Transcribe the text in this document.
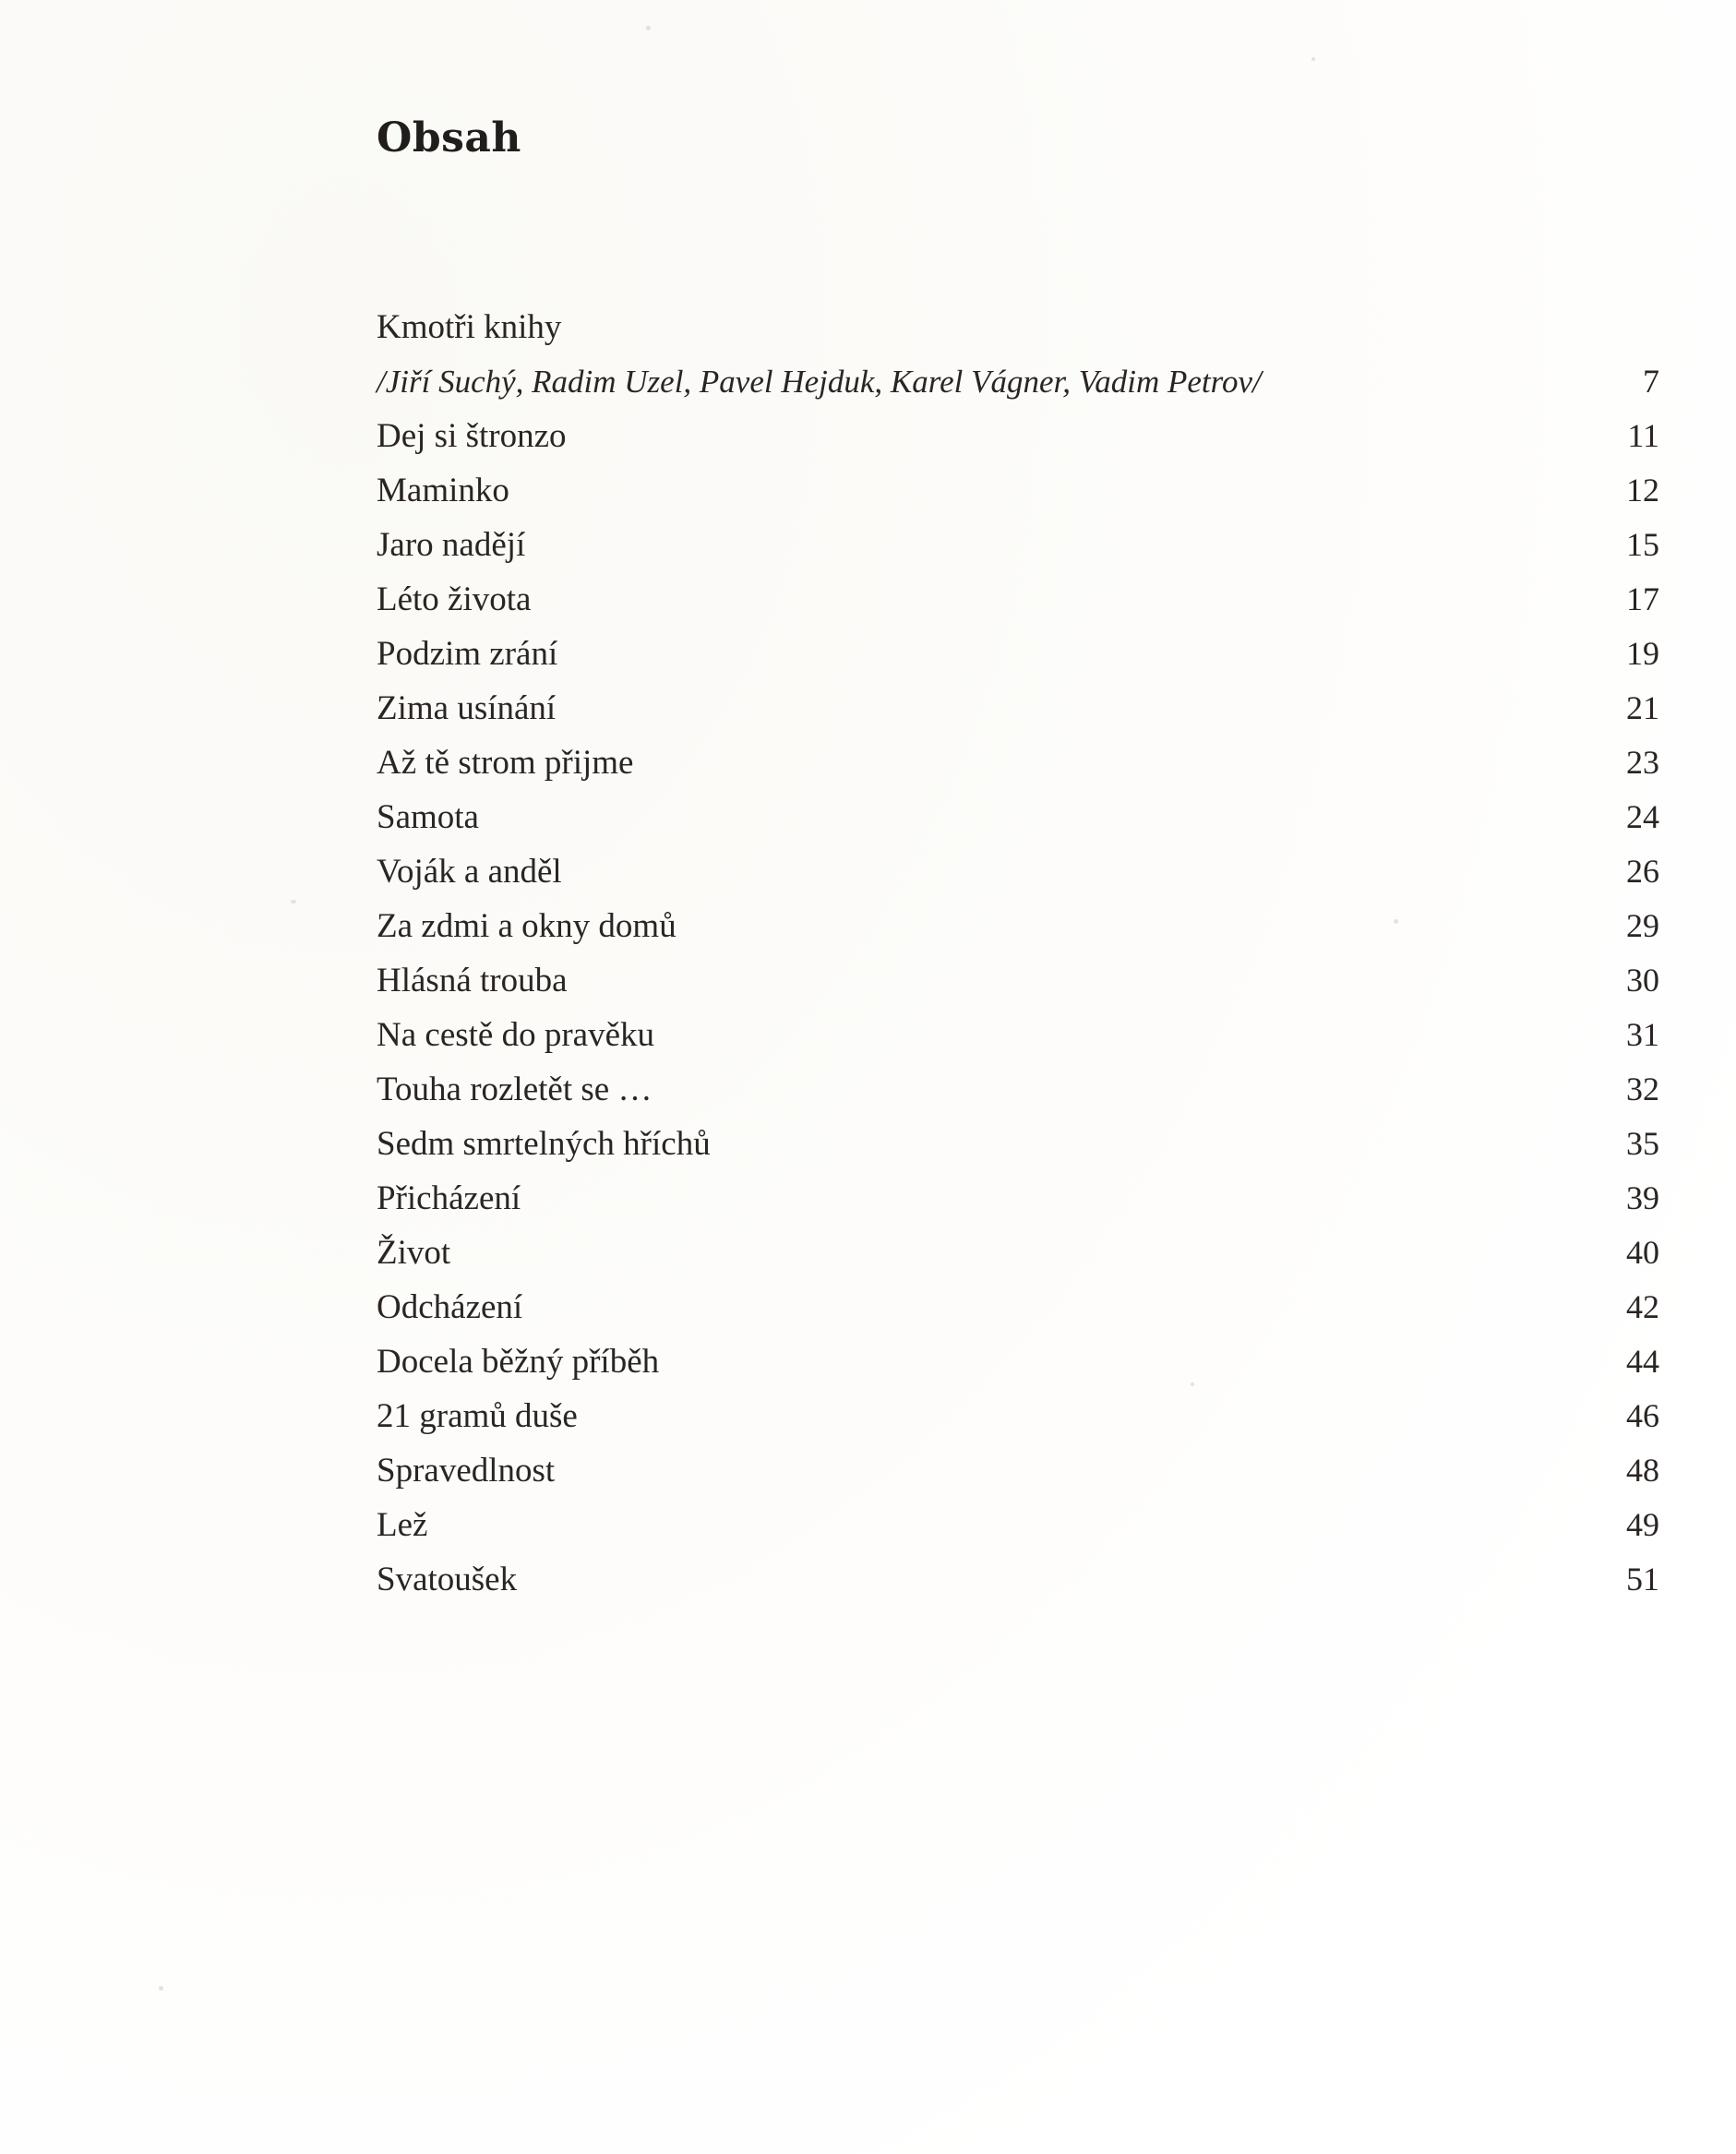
Obsah
Kmotři knihy
/Jiří Suchý, Radim Uzel, Pavel Hejduk, Karel Vágner, Vadim Petrov/	7
Dej si štronzo	11
Maminko	12
Jaro nadějí	15
Léto života	17
Podzim zrání	19
Zima usínání	21
Až tě strom přijme	23
Samota	24
Voják a anděl	26
Za zdmi a okny domů	29
Hlásná trouba	30
Na cestě do pravěku	31
Touha rozletět se …	32
Sedm smrtelných hříchů	35
Přicházení	39
Život	40
Odcházení	42
Docela běžný příběh	44
21 gramů duše	46
Spravedlnost	48
Lež	49
Svatoušek	51
